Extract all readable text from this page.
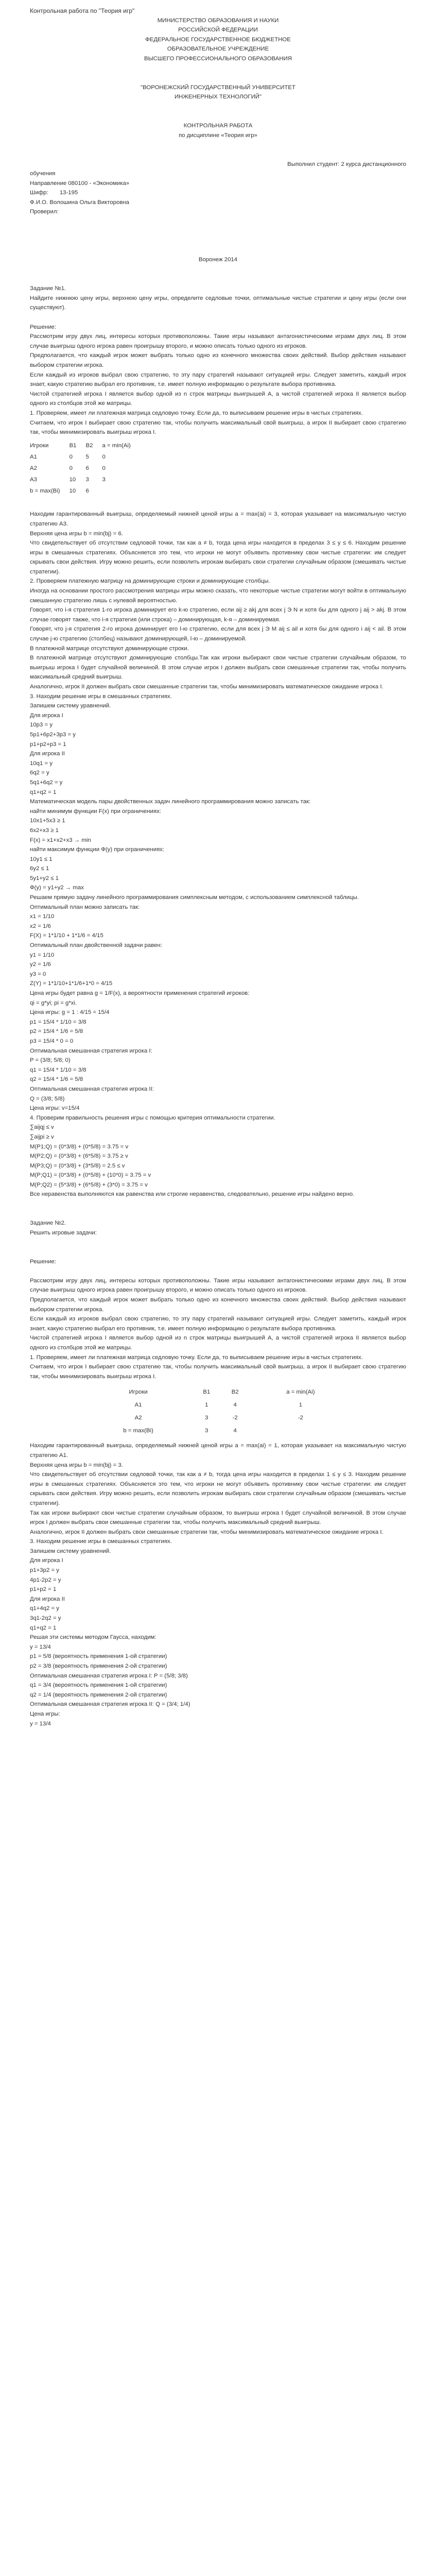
Контрольная работа по "Теория игр"

МИНИСТЕРСТВО ОБРАЗОВАНИЯ И НАУКИ

РОССИЙСКОЙ ФЕДЕРАЦИИ

ФЕДЕРАЛЬНОЕ ГОСУДАРСТВЕННОЕ БЮДЖЕТНОЕ

ОБРАЗОВАТЕЛЬНОЕ УЧРЕЖДЕНИЕ

ВЫСШЕГО ПРОФЕССИОНАЛЬНОГО ОБРАЗОВАНИЯ

"ВОРОНЕЖСКИЙ ГОСУДАРСТВЕННЫЙ УНИВЕРСИТЕТ

ИНЖЕНЕРНЫХ ТЕХНОЛОГИЙ"

КОНТРОЛЬНАЯ РАБОТА

по дисциплине «Теория игр»

Выполнил студент: 2 курса дистанционного

обучения

Направление 080100 - «Экономика»

Шифр:       13-195

Ф.И.О. Волошина Ольга Викторовна

Проверил:

Воронеж 2014

Задание №1.

Найдите нижнюю цену игры, верхнюю цену игры, определите седловые точки, оптимальные чистые стратегии и цену игры (если они существуют).

Решение:

Рассмотрим игру двух лиц, интересы которых противоположны. Такие игры называют антагонистическими играми двух лиц. В этом случае выигрыш одного игрока равен проигрышу второго, и можно описать только одного из игроков.

Предполагается, что каждый игрок может выбрать только одно из конечного множества своих действий. Выбор действия называют выбором стратегии игрока.

Если каждый из игроков выбрал свою стратегию, то эту пару стратегий называют ситуацией игры. Следует заметить, каждый игрок знает, какую стратегию выбрал его противник, т.е. имеет полную информацию о результате выбора противника.

Чистой стратегией игрока I является выбор одной из n строк матрицы выигрышей А, а чистой стратегией игрока II является выбор одного из столбцов этой же матрицы.

1. Проверяем, имеет ли платежная матрица седловую точку. Если да, то выписываем решение игры в чистых стратегиях.

Считаем, что игрок I выбирает свою стратегию так, чтобы получить максимальный свой выигрыш, а игрок II выбирает свою стратегию так, чтобы минимизировать выигрыш игрока I.

Игроки	B1	B2	a = min(Ai)
A1	0	5	0
A2	0	6	0
A3	10	3	3
b = max(Bi)	10	6	

Находим гарантированный выигрыш, определяемый нижней ценой игры a = max(ai) = 3, которая указывает на максимальную чистую стратегию A3.

Верхняя цена игры b = min(bj) = 6.

Что свидетельствует об отсутствии седловой точки, так как a ≠ b, тогда цена игры находится в пределах 3 ≤ y ≤ 6. Находим решение игры в смешанных стратегиях. Объясняется это тем, что игроки не могут объявить противнику свои чистые стратегии: им следует скрывать свои действия. Игру можно решить, если позволить игрокам выбирать свои стратегии случайным образом (смешивать чистые стратегии).

2. Проверяем платежную матрицу на доминирующие строки и доминирующие столбцы.

Иногда на основании простого рассмотрения матрицы игры можно сказать, что некоторые чистые стратегии могут войти в оптимальную смешанную стратегию лишь с нулевой вероятностью.

Говорят, что i-я стратегия 1-го игрока доминирует его k-ю стратегию, если aij ≥ akj для всех j Э N и хотя бы для одного j aij > akj. В этом случае говорят также, что i-я стратегия (или строка) – доминирующая, k-я – доминируемая.

Говорят, что j-я стратегия 2-го игрока доминирует его l-ю стратегию, если для всех j Э M aij ≤ ail и хотя бы для одного i aij < ail. В этом случае j-ю стратегию (столбец) называют доминирующей, l-ю – доминируемой.

В платежной матрице отсутствуют доминирующие строки.

В платежной матрице отсутствуют доминирующие столбцы.Так как игроки выбирают свои чистые стратегии случайным образом, то выигрыш игрока I будет случайной величиной. В этом случае игрок I должен выбрать свои смешанные стратегии так, чтобы получить максимальный средний выигрыш.

Аналогично, игрок II должен выбрать свои смешанные стратегии так, чтобы минимизировать математическое ожидание игрока I.

3. Находим решение игры в смешанных стратегиях.

Запишем систему уравнений.

Для игрока I

10p3 = y

5p1+6p2+3p3 = y

p1+p2+p3 = 1

Для игрока II

10q1 = y

6q2 = y

5q1+6q2 = y

q1+q2 = 1

Математическая модель пары двойственных задач линейного программирования можно записать так:

найти минимум функции F(x) при ограничениях:

10x1+5x3 ≥ 1

6x2+x3 ≥ 1

F(x) = x1+x2+x3 → min

найти максимум функции Ф(y) при ограничениях:

10y1 ≤ 1

6y2 ≤ 1

5y1+y2 ≤ 1

Ф(y) = y1+y2 → max

Решаем прямую задачу линейного программирования симплексным методом, с использованием симплексной таблицы.

Оптимальный план можно записать так:

x1 = 1/10

x2 = 1/6

F(X) = 1*1/10 + 1*1/6 = 4/15

Оптимальный план двойственной задачи равен:

y1 = 1/10

y2 = 1/6

y3 = 0

Z(Y) = 1*1/10+1*1/6+1*0 = 4/15

Цена игры будет равна g = 1/F(x), а вероятности применения стратегий игроков:

qi = g*yi; pi = g*xi.

Цена игры: g = 1 : 4/15 = 15/4

p1 = 15/4 * 1/10 = 3/8

p2 = 15/4 * 1/6 = 5/8

p3 = 15/4 * 0 = 0

Оптимальная смешанная стратегия игрока I:

P = (3/8; 5/8; 0)

q1 = 15/4 * 1/10 = 3/8

q2 = 15/4 * 1/6 = 5/8

Оптимальная смешанная стратегия игрока II:

Q = (3/8; 5/8)

Цена игры: v=15/4

4. Проверим правильность решения игры с помощью критерия оптимальности стратегии.

∑aijqj ≤ v

∑aijpi ≥ v

M(P1;Q) = (0*3/8) + (0*5/8) = 3.75 = v

M(P2;Q) = (0*3/8) + (6*5/8) = 3.75 ≥ v

M(P3;Q) = (0*3/8) + (3*5/8) = 2.5 ≤ v

M(P;Q1) = (0*3/8) + (0*5/8) + (10*0) = 3.75 = v

M(P;Q2) = (5*3/8) + (6*5/8) + (3*0) = 3.75 = v

Все неравенства выполняются как равенства или строгие неравенства, следовательно, решение игры найдено верно.

Задание №2.

Решить игровые задачи:

Решение:

Рассмотрим игру двух лиц, интересы которых противоположны. Такие игры называют антагонистическими играми двух лиц. В этом случае выигрыш одного игрока равен проигрышу второго, и можно описать только одного из игроков.

Предполагается, что каждый игрок может выбрать только одно из конечного множества своих действий. Выбор действия называют выбором стратегии игрока.

Если каждый из игроков выбрал свою стратегию, то эту пару стратегий называют ситуацией игры. Следует заметить, каждый игрок знает, какую стратегию выбрал его противник, т.е. имеет полную информацию о результате выбора противника.

Чистой стратегией игрока I является выбор одной из n строк матрицы выигрышей А, а чистой стратегией игрока II является выбор одного из столбцов этой же матрицы.

1. Проверяем, имеет ли платежная матрица седловую точку. Если да, то выписываем решение игры в чистых стратегиях.

Считаем, что игрок I выбирает свою стратегию так, чтобы получить максимальный свой выигрыш, а игрок II выбирает свою стратегию так, чтобы минимизировать выигрыш игрока I.

Игроки	B1	B2	a = min(Ai)
A1	1	4	1
A2	3	-2	-2
b = max(Bi)	3	4	

Находим гарантированный выигрыш, определяемый нижней ценой игры a = max(ai) = 1, которая указывает на максимальную чистую стратегию A1.

Верхняя цена игры b = min(bj) = 3.

Что свидетельствует об отсутствии седловой точки, так как a ≠ b, тогда цена игры находится в пределах 1 ≤ y ≤ 3. Находим решение игры в смешанных стратегиях. Объясняется это тем, что игроки не могут объявить противнику свои чистые стратегии: им следует скрывать свои действия. Игру можно решить, если позволить игрокам выбирать свои стратегии случайным образом (смешивать чистые стратегии).

Так как игроки выбирают свои чистые стратегии случайным образом, то выигрыш игрока I будет случайной величиной. В этом случае игрок I должен выбрать свои смешанные стратегии так, чтобы получить максимальный средний выигрыш.

Аналогично, игрок II должен выбрать свои смешанные стратегии так, чтобы минимизировать математическое ожидание игрока I.

3. Находим решение игры в смешанных стратегиях.

Запишем систему уравнений.

Для игрока I

p1+3p2 = y

4p1-2p2 = y

p1+p2 = 1

Для игрока II

q1+4q2 = y

3q1-2q2 = y

q1+q2 = 1

Решая эти системы методом Гаусса, находим:

y = 13/4

p1 = 5/8 (вероятность применения 1-ой стратегии)

p2 = 3/8 (вероятность применения 2-ой стратегии)

Оптимальная смешанная стратегия игрока I: P = (5/8; 3/8)

q1 = 3/4 (вероятность применения 1-ой стратегии)

q2 = 1/4 (вероятность применения 2-ой стратегии)

Оптимальная смешанная стратегия игрока II: Q = (3/4; 1/4)

Цена игры:

y = 13/4
